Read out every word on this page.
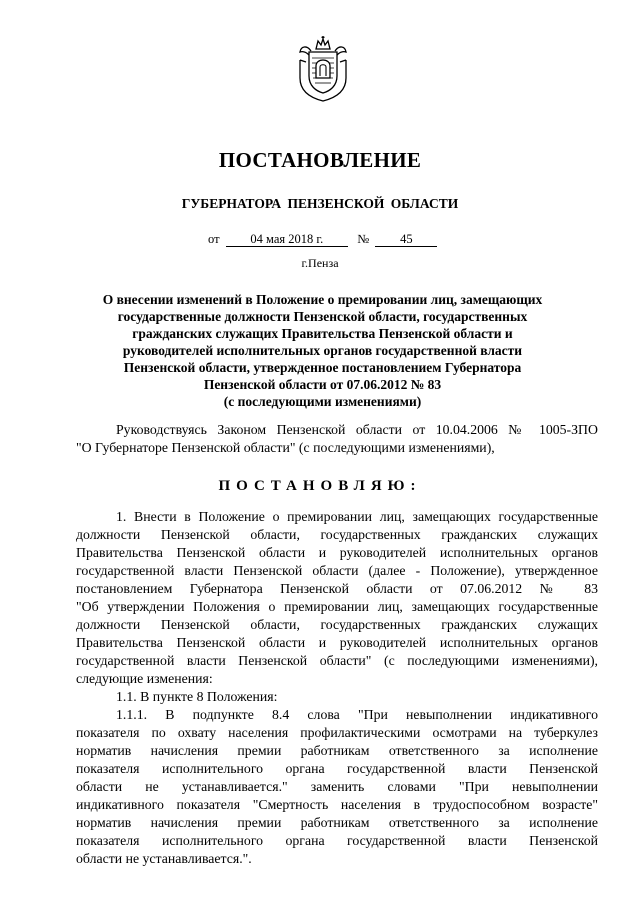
ПОСТАНОВЛЕНИЕ
ГУБЕРНАТОРА ПЕНЗЕНСКОЙ ОБЛАСТИ
от 04 мая 2018 г.	№ 45
г.Пенза
О внесении изменений в Положение о премировании лиц, замещающих
государственные должности Пензенской области, государственных
гражданских служащих Правительства Пензенской области и
руководителей исполнительных органов государственной власти
Пензенской области, утвержденное постановлением Губернатора
Пензенской области от 07.06.2012 № 83
(с последующими изменениями)
Руководствуясь Законом Пензенской области от 10.04.2006 № 1005-ЗПО
"О Губернаторе Пензенской области" (с последующими изменениями),
ПОСТАНОВЛЯЮ:
1. Внести в Положение о премировании лиц, замещающих государственные
должности Пензенской области, государственных гражданских служащих
Правительства Пензенской области и руководителей исполнительных органов
государственной власти Пензенской области (далее - Положение), утвержденное
постановлением Губернатора Пензенской области от 07.06.2012 № 83
"Об утверждении Положения о премировании лиц, замещающих государственные
должности Пензенской области, государственных гражданских служащих
Правительства Пензенской области и руководителей исполнительных органов
государственной власти Пензенской области" (с последующими изменениями),
следующие изменения:
1.1. В пункте 8 Положения:
1.1.1. В подпункте 8.4 слова "При невыполнении индикативного
показателя по охвату населения профилактическими осмотрами на туберкулез
норматив начисления премии работникам ответственного за исполнение
показателя исполнительного органа государственной власти Пензенской
области не устанавливается." заменить словами "При невыполнении
индикативного показателя "Смертность населения в трудоспособном возрасте"
норматив начисления премии работникам ответственного за исполнение
показателя исполнительного органа государственной власти Пензенской
области не устанавливается.".
